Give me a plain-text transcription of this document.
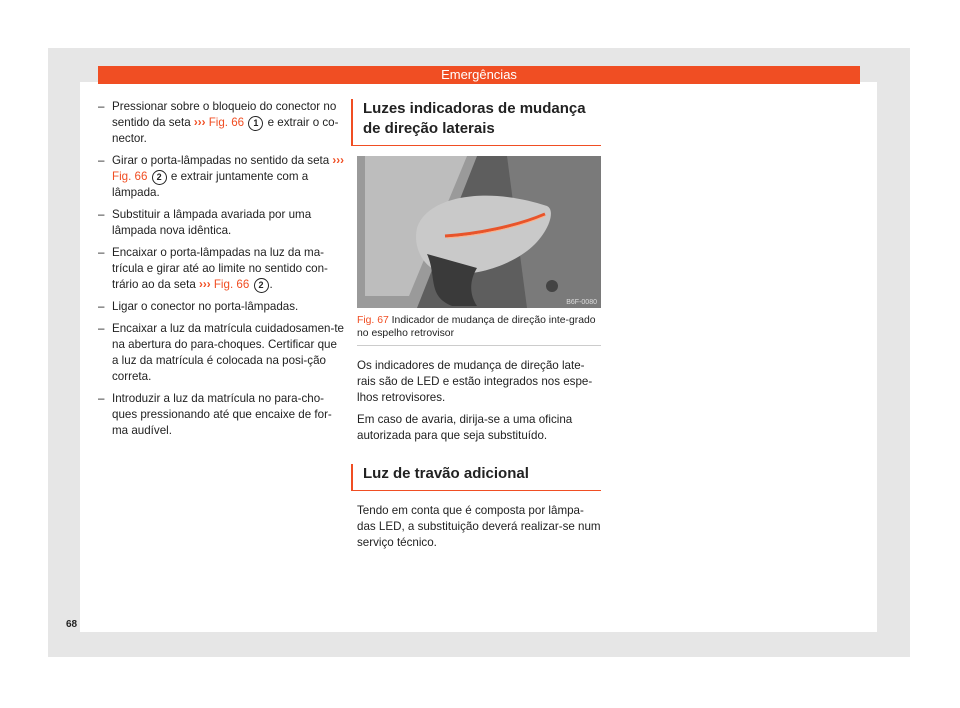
Emergências
– Pressionar sobre o bloqueio do conector no sentido da seta ››› Fig. 66 1 e extrair o co-nector.
– Girar o porta-lâmpadas no sentido da seta ››› Fig. 66 2 e extrair juntamente com a lâmpada.
– Substituir a lâmpada avariada por uma lâmpada nova idêntica.
– Encaixar o porta-lâmpadas na luz da ma-trícula e girar até ao limite no sentido con-trário ao da seta ››› Fig. 66 2 .
– Ligar o conector no porta-lâmpadas.
– Encaixar a luz da matrícula cuidadosamen-te na abertura do para-choques. Certificar que a luz da matrícula é colocada na posi-ção correta.
– Introduzir a luz da matrícula no para-cho-ques pressionando até que encaixe de for-ma audível.
Luzes indicadoras de mudança de direção laterais
B6F-0080
Fig. 67 Indicador de mudança de direção inte-grado no espelho retrovisor
Os indicadores de mudança de direção late-rais são de LED e estão integrados nos espe-lhos retrovisores.
Em caso de avaria, dirija-se a uma oficina autorizada para que seja substituído.
Luz de travão adicional
Tendo em conta que é composta por lâmpa-das LED, a substituição deverá realizar-se num serviço técnico.
68
